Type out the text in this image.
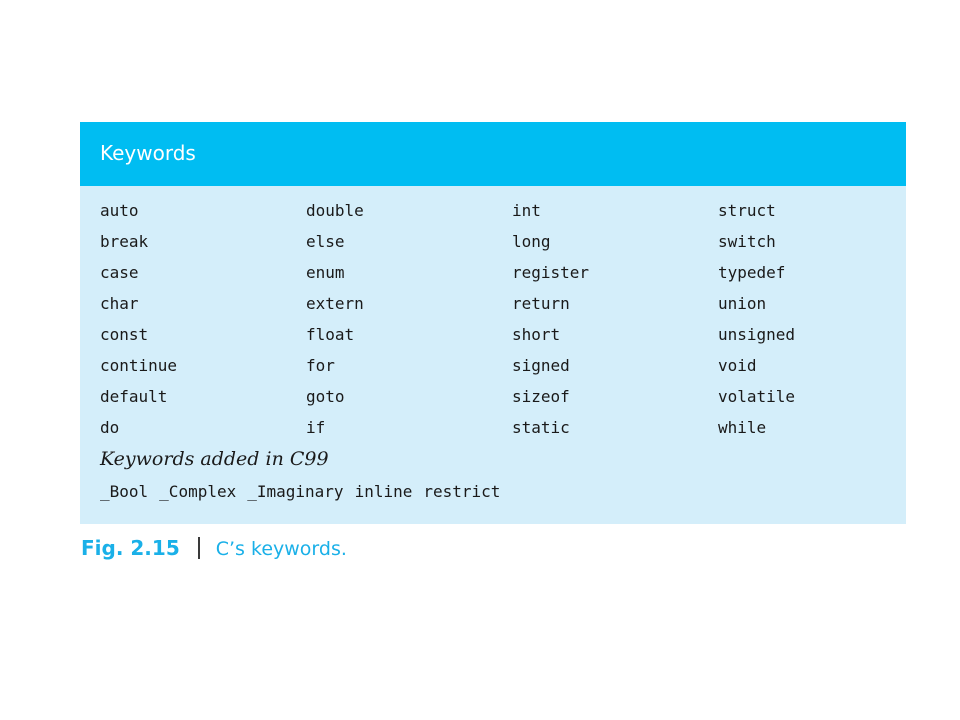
Keywords
auto
break
case
char
const
continue
default
do
double
else
enum
extern
float
for
goto
if
int
long
register
return
short
signed
sizeof
static
struct
switch
typedef
union
unsigned
void
volatile
while
Keywords added in C99
_Bool _Complex _Imaginary inline restrict
Fig. 2.15 C’s keywords.
